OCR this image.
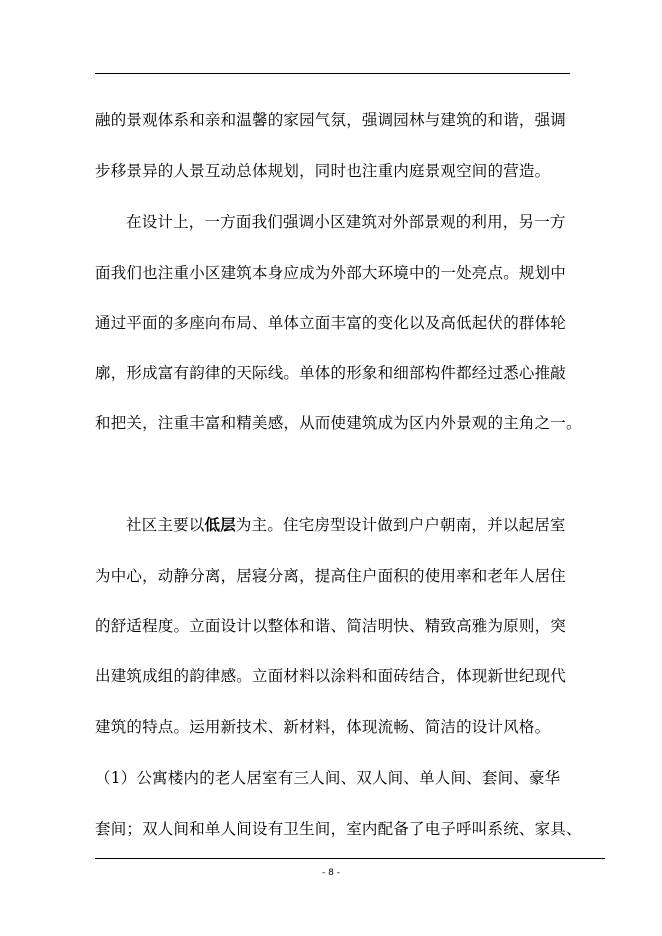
融的景观体系和亲和温馨的家园气氛，强调园林与建筑的和谐，强调
步移景异的人景互动总体规划，同时也注重内庭景观空间的营造。
在设计上，一方面我们强调小区建筑对外部景观的利用，另一方
面我们也注重小区建筑本身应成为外部大环境中的一处亮点。规划中
通过平面的多座向布局、单体立面丰富的变化以及高低起伏的群体轮
廓，形成富有韵律的天际线。单体的形象和细部构件都经过悉心推敲
和把关，注重丰富和精美感，从而使建筑成为区内外景观的主角之一。
社区主要以低层为主。住宅房型设计做到户户朝南，并以起居室
为中心，动静分离，居寝分离，提高住户面积的使用率和老年人居住
的舒适程度。立面设计以整体和谐、简洁明快、精致高雅为原则，突
出建筑成组的韵律感。立面材料以涂料和面砖结合，体现新世纪现代
建筑的特点。运用新技术、新材料，体现流畅、简洁的设计风格。
（1）公寓楼内的老人居室有三人间、双人间、单人间、套间、豪华
套间；双人间和单人间设有卫生间，室内配备了电子呼叫系统、家具、
- 8 -
